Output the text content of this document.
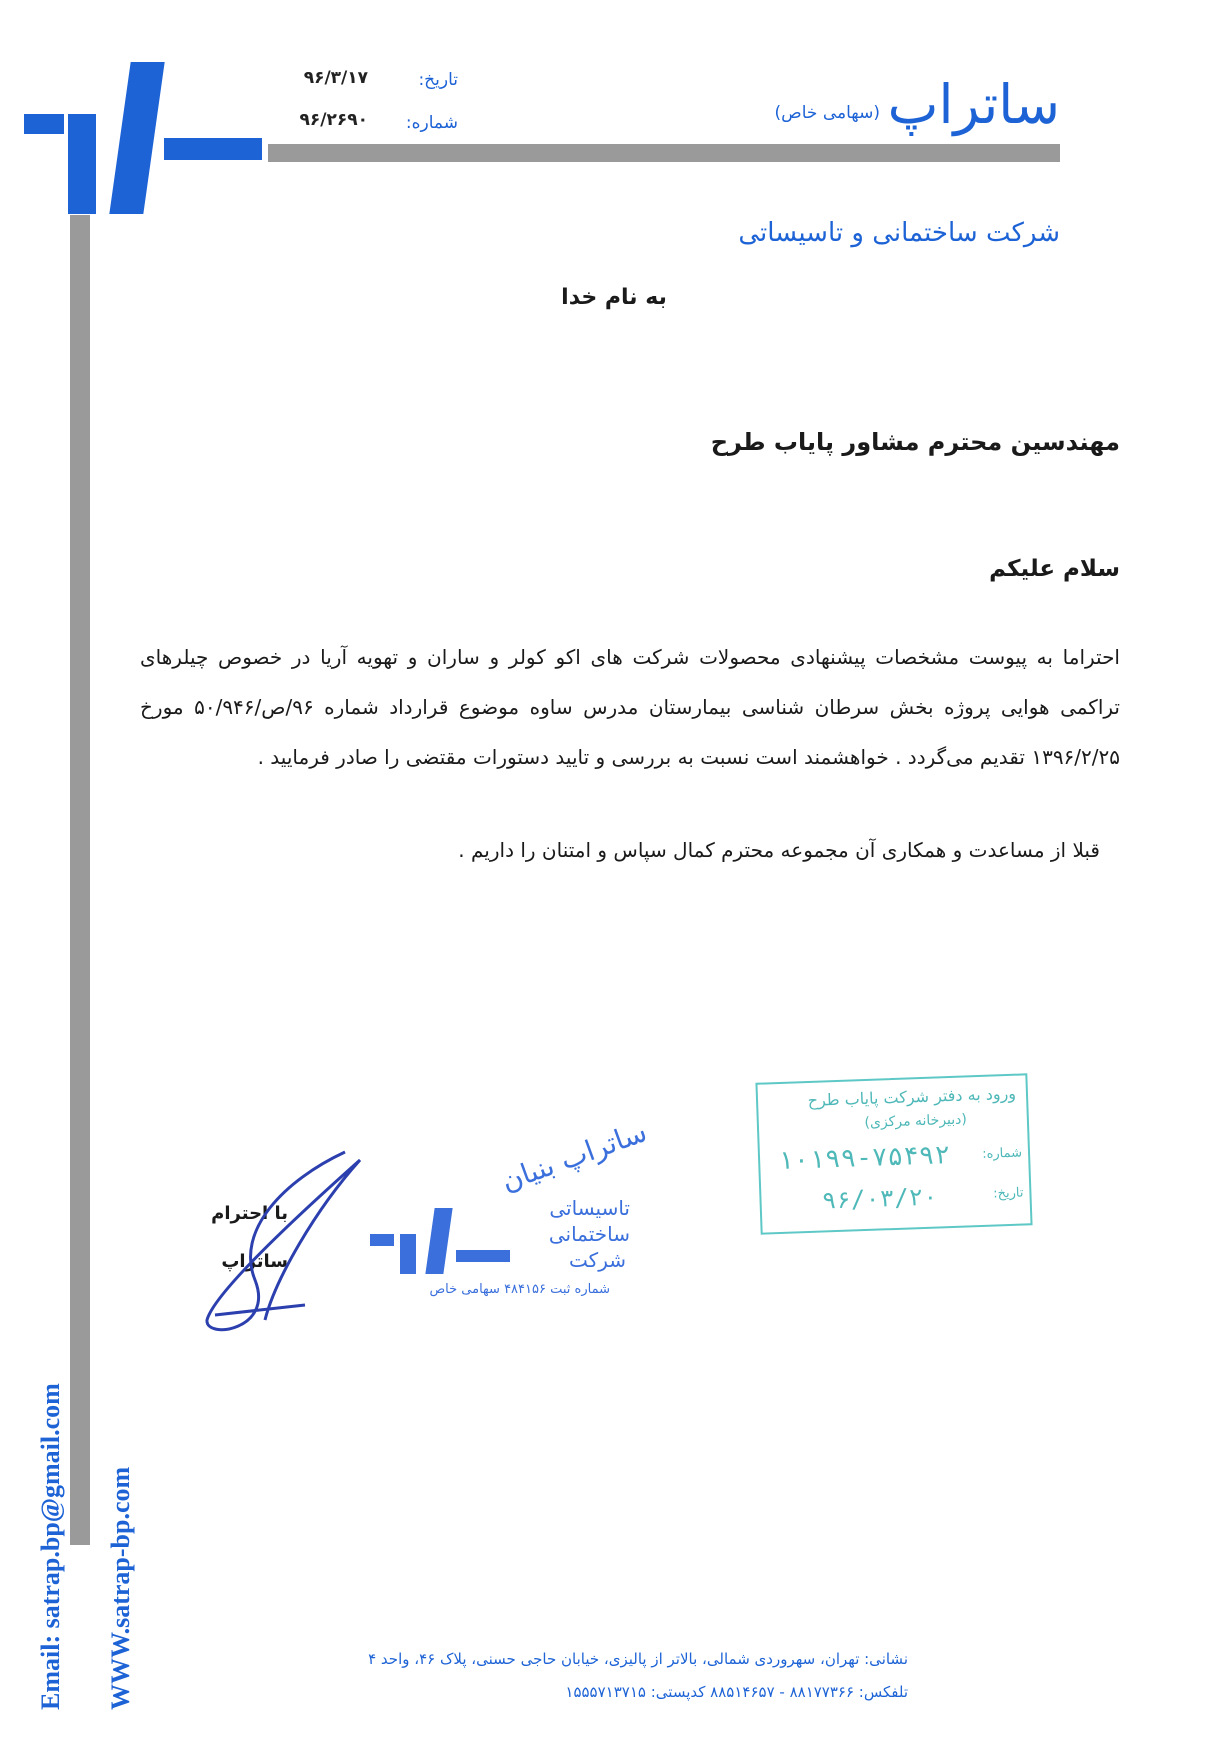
ساتراپ
(سهامی خاص)
شرکت ساختمانی و تاسیساتی
تاریخ:
۹۶/۳/۱۷
شماره:
۹۶/۲۶۹۰
به نام خدا
مهندسین محترم مشاور پایاب طرح
سلام علیکم
احتراما به پیوست مشخصات پیشنهادی محصولات شرکت های اکو کولر و ساران و تهویه آریا در خصوص چیلرهای تراکمی هوایی پروژه بخش سرطان شناسی بیمارستان مدرس ساوه موضوع قرارداد شماره ۹۶/ص/۵۰/۹۴۶ مورخ ۱۳۹۶/۲/۲۵ تقدیم می‌گردد . خواهشمند است نسبت به بررسی و تایید دستورات مقتضی را صادر فرمایید .
قبلا از مساعدت و همکاری آن مجموعه محترم کمال سپاس و امتنان را داریم .
با احترام
ساتراپ
ساتراپ بنیان
تاسیساتی
ساختمانی
شرکت
شماره ثبت ۴۸۴۱۵۶ سهامی خاص
ورود به دفتر شرکت پایاب طرح
(دبیرخانه مرکزی)
شماره:
۱۰۱۹۹-۷۵۴۹۲
تاریخ:
۹۶/۰۳/۲۰
Email: satrap.bp@gmail.com WWW.satrap-bp.com	نشانی: تهران، سهروردی شمالی، بالاتر از پالیزی، خیابان حاجی حسنی، پلاک ۴۶، واحد ۴
تلفکس: ۸۸۱۷۷۳۶۶ - ۸۸۵۱۴۶۵۷ کدپستی: ۱۵۵۵۷۱۳۷۱۵
